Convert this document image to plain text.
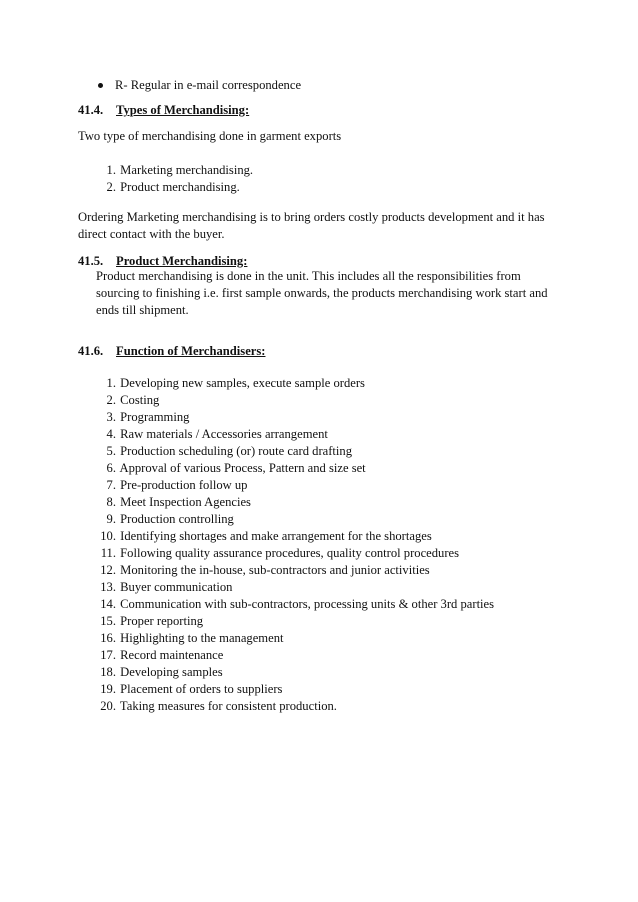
R- Regular in e-mail correspondence
41.4. Types of Merchandising:
Two type of merchandising done in garment exports
1. Marketing merchandising.
2. Product merchandising.
Ordering Marketing merchandising is to bring orders costly products development and it has direct contact with the buyer.
41.5. Product Merchandising:
Product merchandising is done in the unit. This includes all the responsibilities from sourcing to finishing i.e. first sample onwards, the products merchandising work start and ends till shipment.
41.6. Function of Merchandisers:
1. Developing new samples, execute sample orders
2. Costing
3. Programming
4. Raw materials / Accessories arrangement
5. Production scheduling (or) route card drafting
6. Approval of various Process, Pattern and size set
7. Pre-production follow up
8. Meet Inspection Agencies
9. Production controlling
10. Identifying shortages and make arrangement for the shortages
11. Following quality assurance procedures, quality control procedures
12. Monitoring the in-house, sub-contractors and junior activities
13. Buyer communication
14. Communication with sub-contractors, processing units & other 3rd parties
15. Proper reporting
16. Highlighting to the management
17. Record maintenance
18. Developing samples
19. Placement of orders to suppliers
20. Taking measures for consistent production.
